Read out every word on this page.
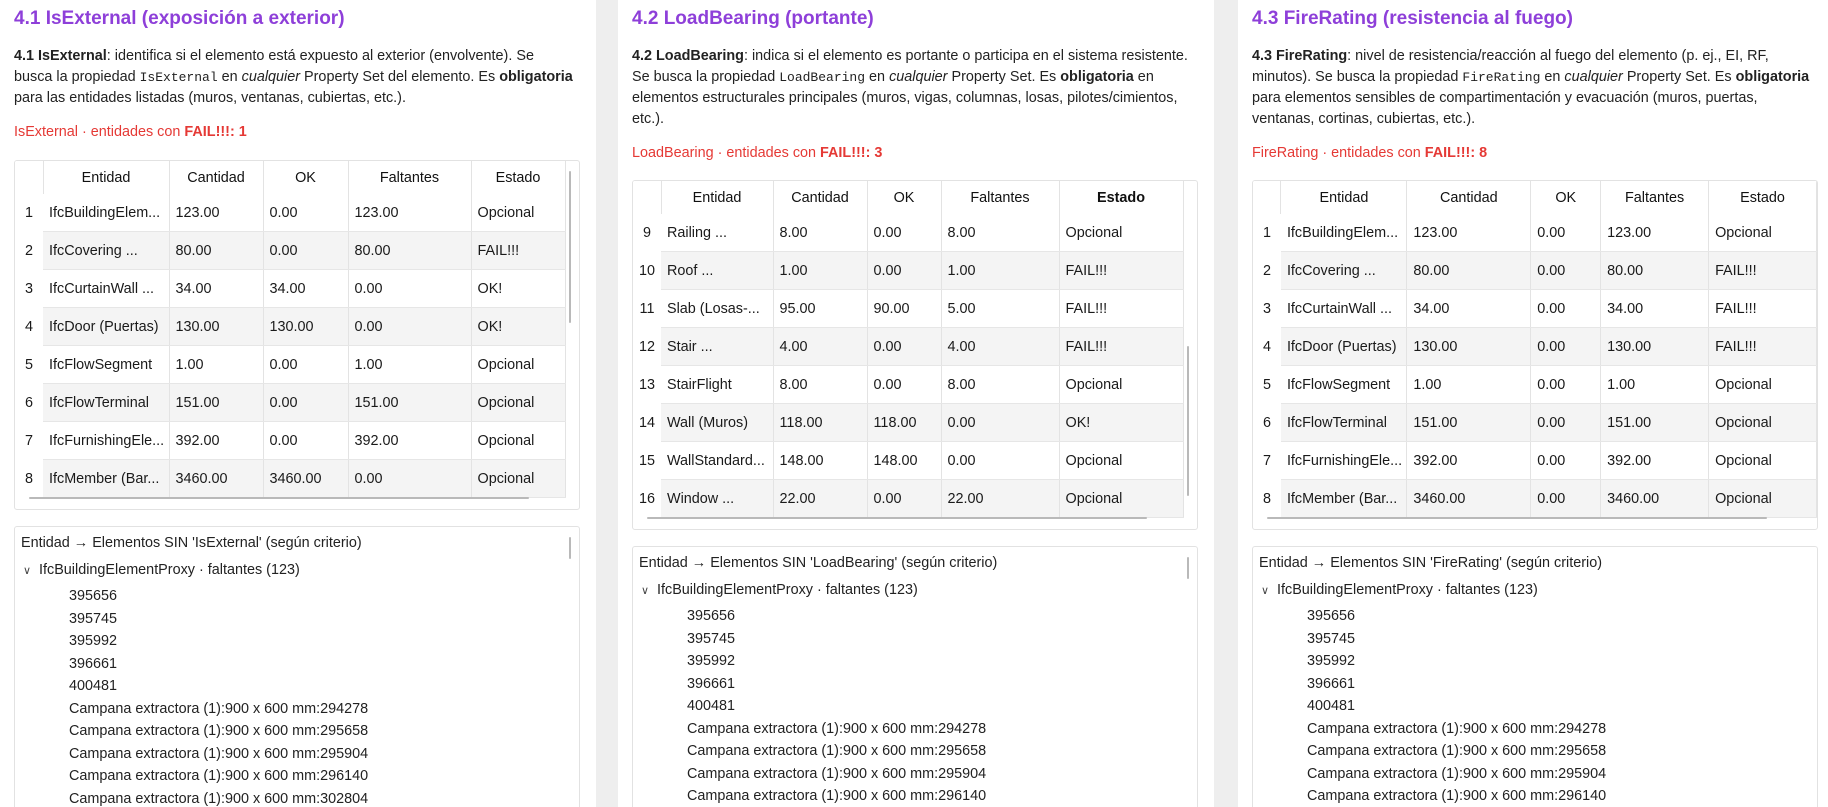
4.1 IsExternal (exposición a exterior)

4.1 IsExternal: identifica si el elemento está expuesto al exterior (envolvente). Se busca la propiedad IsExternal en cualquier Property Set del elemento. Es obligatoria para las entidades listadas (muros, ventanas, cubiertas, etc.).

IsExternal · entidades con FAIL!!!: 1

	Entidad	Cantidad	OK	Faltantes	Estado
1	IfcBuildingElem...	123.00	0.00	123.00	Opcional
2	IfcCovering ...	80.00	0.00	80.00	FAIL!!!
3	IfcCurtainWall ...	34.00	34.00	0.00	OK!
4	IfcDoor (Puertas)	130.00	130.00	0.00	OK!
5	IfcFlowSegment	1.00	0.00	1.00	Opcional
6	IfcFlowTerminal	151.00	0.00	151.00	Opcional
7	IfcFurnishingEle...	392.00	0.00	392.00	Opcional
8	IfcMember (Bar...	3460.00	3460.00	0.00	Opcional
Entidad → Elementos SIN 'IsExternal' (según criterio)
∨ IfcBuildingElementProxy · faltantes (123)
395656
395745
395992
396661
400481
Campana extractora (1):900 x 600 mm:294278
Campana extractora (1):900 x 600 mm:295658
Campana extractora (1):900 x 600 mm:295904
Campana extractora (1):900 x 600 mm:296140
Campana extractora (1):900 x 600 mm:302804
4.2 LoadBearing (portante)

4.2 LoadBearing: indica si el elemento es portante o participa en el sistema resistente. Se busca la propiedad LoadBearing en cualquier Property Set. Es obligatoria en elementos estructurales principales (muros, vigas, columnas, losas, pilotes/cimientos, etc.).

LoadBearing · entidades con FAIL!!!: 3

	Entidad	Cantidad	OK	Faltantes	Estado
9	Railing ...	8.00	0.00	8.00	Opcional
10	Roof ...	1.00	0.00	1.00	FAIL!!!
11	Slab (Losas-...	95.00	90.00	5.00	FAIL!!!
12	Stair ...	4.00	0.00	4.00	FAIL!!!
13	StairFlight	8.00	0.00	8.00	Opcional
14	Wall (Muros)	118.00	118.00	0.00	OK!
15	WallStandard...	148.00	148.00	0.00	Opcional
16	Window ...	22.00	0.00	22.00	Opcional
Entidad → Elementos SIN 'LoadBearing' (según criterio)
∨ IfcBuildingElementProxy · faltantes (123)
395656
395745
395992
396661
400481
Campana extractora (1):900 x 600 mm:294278
Campana extractora (1):900 x 600 mm:295658
Campana extractora (1):900 x 600 mm:295904
Campana extractora (1):900 x 600 mm:296140
4.3 FireRating (resistencia al fuego)

4.3 FireRating: nivel de resistencia/reacción al fuego del elemento (p. ej., EI, RF, minutos). Se busca la propiedad FireRating en cualquier Property Set. Es obligatoria para elementos sensibles de compartimentación y evacuación (muros, puertas, ventanas, cortinas, cubiertas, etc.).

FireRating · entidades con FAIL!!!: 8

	Entidad	Cantidad	OK	Faltantes	Estado
1	IfcBuildingElem...	123.00	0.00	123.00	Opcional
2	IfcCovering ...	80.00	0.00	80.00	FAIL!!!
3	IfcCurtainWall ...	34.00	0.00	34.00	FAIL!!!
4	IfcDoor (Puertas)	130.00	0.00	130.00	FAIL!!!
5	IfcFlowSegment	1.00	0.00	1.00	Opcional
6	IfcFlowTerminal	151.00	0.00	151.00	Opcional
7	IfcFurnishingEle...	392.00	0.00	392.00	Opcional
8	IfcMember (Bar...	3460.00	0.00	3460.00	Opcional
Entidad → Elementos SIN 'FireRating' (según criterio)
∨ IfcBuildingElementProxy · faltantes (123)
395656
395745
395992
396661
400481
Campana extractora (1):900 x 600 mm:294278
Campana extractora (1):900 x 600 mm:295658
Campana extractora (1):900 x 600 mm:295904
Campana extractora (1):900 x 600 mm:296140
